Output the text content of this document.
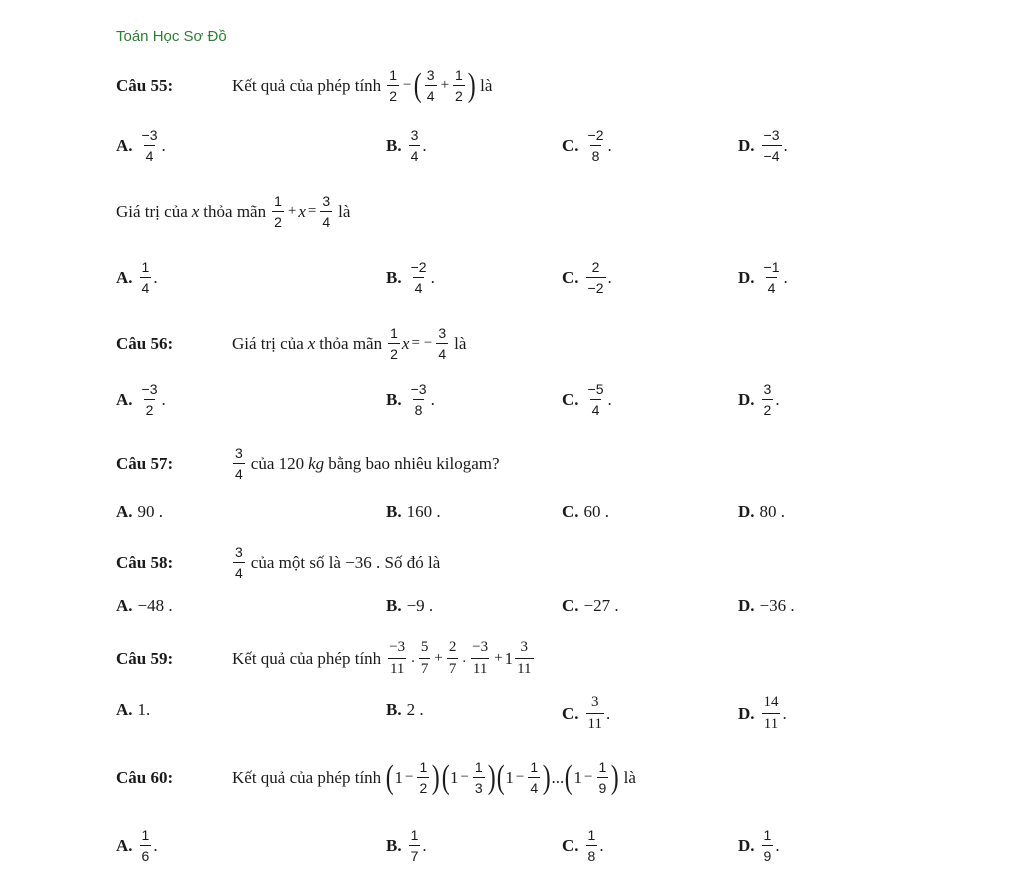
Toán Học Sơ Đồ
Câu 55:	Kết quả của phép tính $\frac{1}{2}$ − ( $\frac{3}{4} + \frac{1}{2}$ ) là
A. $\frac{-3}{4}$ .	B. $\frac{3}{4}$ .	C. $\frac{-2}{8}$ .	D. $\frac{-3}{-4}$ .
Giá trị của x thỏa mãn $\frac{1}{2} + x = \frac{3}{4}$ là
A. $\frac{1}{4}$ .	B. $\frac{-2}{4}$ .	C. $\frac{2}{-2}$ .	D. $\frac{-1}{4}$ .
Câu 56:	Giá trị của x thỏa mãn $\frac{1}{2}$ x = − $\frac{3}{4}$ là
A. $\frac{-3}{2}$ .	B. $\frac{-3}{8}$ .	C. $\frac{-5}{4}$ .	D. $\frac{3}{2}$ .
Câu 57:	$\frac{3}{4}$ của 120 kg bằng bao nhiêu kilogam?
A. 90 .	B. 160 .	C. 60 .	D. 80 .
Câu 58:	$\frac{3}{4}$ của một số là −36 . Số đó là
A. −48 .	B. −9 .	C. −27 .	D. −36 .
Câu 59:	Kết quả của phép tính $\frac{-3}{11}$ . $\frac{5}{7} + \frac{2}{7}$ . $\frac{-3}{11} + 1 \frac{3}{11}$
A. 1.	B. 2 .	C. $\frac{3}{11}$ .	D. $\frac{14}{11}$ .
Câu 60:	Kết quả của phép tính ( $1 - \frac{1}{2}$ ) ( $1 - \frac{1}{3}$ ) ( $1 - \frac{1}{4}$ ) ... ( $1 - \frac{1}{9}$ ) là
A. $\frac{1}{6}$ .	B. $\frac{1}{7}$ .	C. $\frac{1}{8}$ .	D. $\frac{1}{9}$ .
